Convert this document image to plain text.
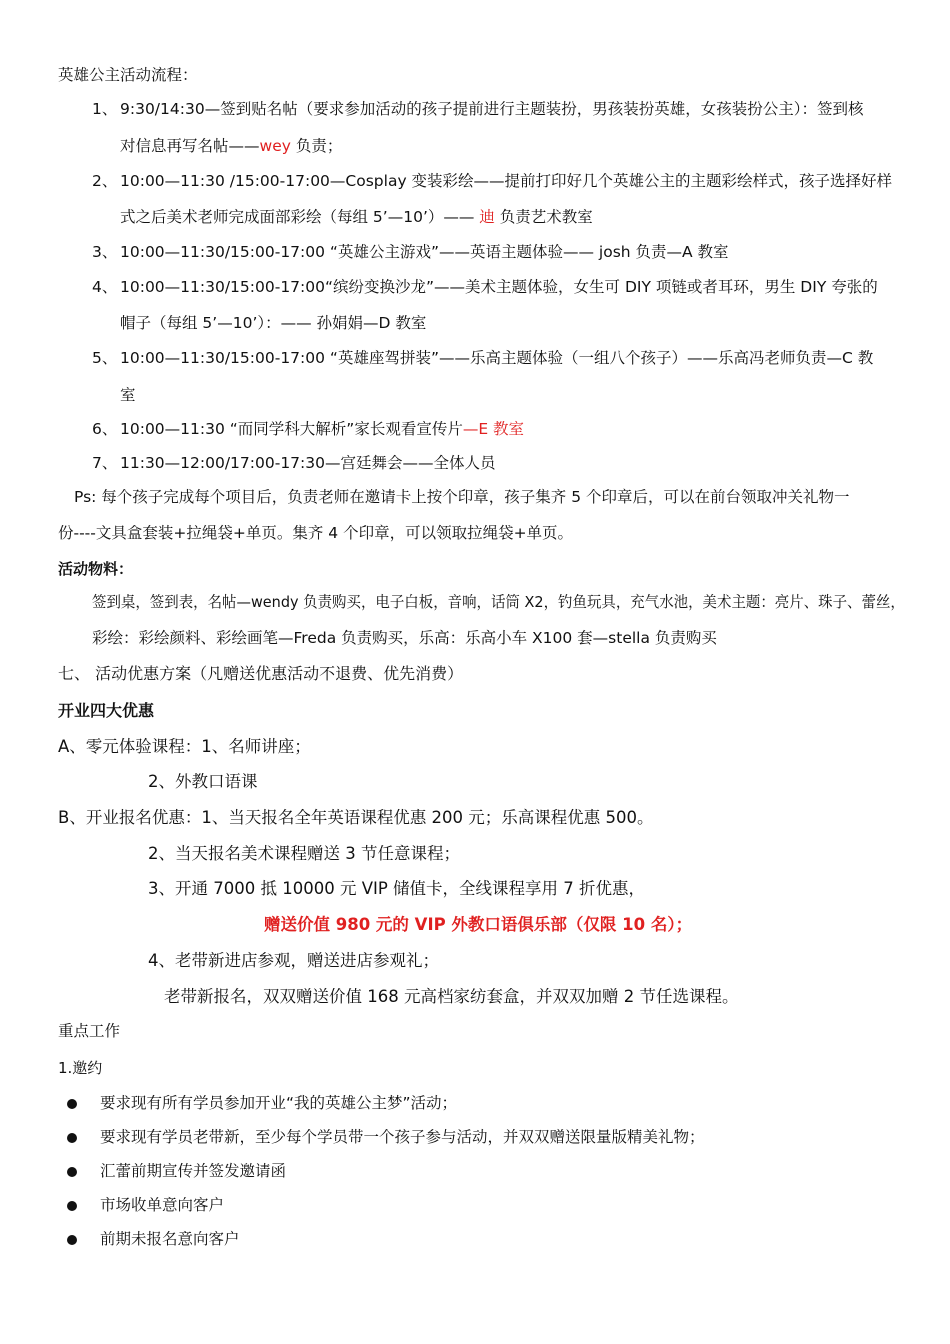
英雄公主活动流程：
1、 9:30/14:30—签到贴名帖（要求参加活动的孩子提前进行主题装扮，男孩装扮英雄，女孩装扮公主）：签到核
对信息再写名帖——wey 负责；
2、 10:00—11:30 /15:00-17:00—Cosplay 变装彩绘——提前打印好几个英雄公主的主题彩绘样式，孩子选择好样
式之后美术老师完成面部彩绘（每组 5’—10’）—— 迪 负责艺术教室
3、 10:00—11:30/15:00-17:00 “英雄公主游戏”——英语主题体验—— josh 负责—A 教室
4、 10:00—11:30/15:00-17:00“缤纷变换沙龙”——美术主题体验，女生可 DIY 项链或者耳环，男生 DIY 夸张的
帽子（每组 5’—10’）：—— 孙娟娟—D 教室
5、 10:00—11:30/15:00-17:00 “英雄座驾拼装”——乐高主题体验（一组八个孩子）——乐高冯老师负责—C 教
室
6、 10:00—11:30 “而同学科大解析”家长观看宣传片—E 教室
7、 11:30—12:00/17:00-17:30—宫廷舞会——全体人员
Ps: 每个孩子完成每个项目后，负责老师在邀请卡上按个印章，孩子集齐 5 个印章后，可以在前台领取冲关礼物一
份----文具盒套装+拉绳袋+单页。集齐 4 个印章，可以领取拉绳袋+单页。
活动物料：
签到桌，签到表，名帖—wendy 负责购买，电子白板，音响，话筒 X2，钓鱼玩具，充气水池，美术主题：亮片、珠子、蕾丝，
彩绘：彩绘颜料、彩绘画笔—Freda 负责购买，乐高：乐高小车 X100 套—stella 负责购买
七、 活动优惠方案（凡赠送优惠活动不退费、优先消费）
开业四大优惠
A、零元体验课程：1、名师讲座；
2、外教口语课
B、开业报名优惠：1、当天报名全年英语课程优惠 200 元；乐高课程优惠 500。
2、当天报名美术课程赠送 3 节任意课程；
3、开通 7000 抵 10000 元 VIP 储值卡，全线课程享用 7 折优惠，
赠送价值 980 元的 VIP 外教口语俱乐部（仅限 10 名）；
4、老带新进店参观，赠送进店参观礼；
老带新报名，双双赠送价值 168 元高档家纺套盒，并双双加赠 2 节任选课程。
重点工作
1.邀约
要求现有所有学员参加开业“我的英雄公主梦”活动；
要求现有学员老带新，至少每个学员带一个孩子参与活动，并双双赠送限量版精美礼物；
汇蕾前期宣传并签发邀请函
市场收单意向客户
前期未报名意向客户
